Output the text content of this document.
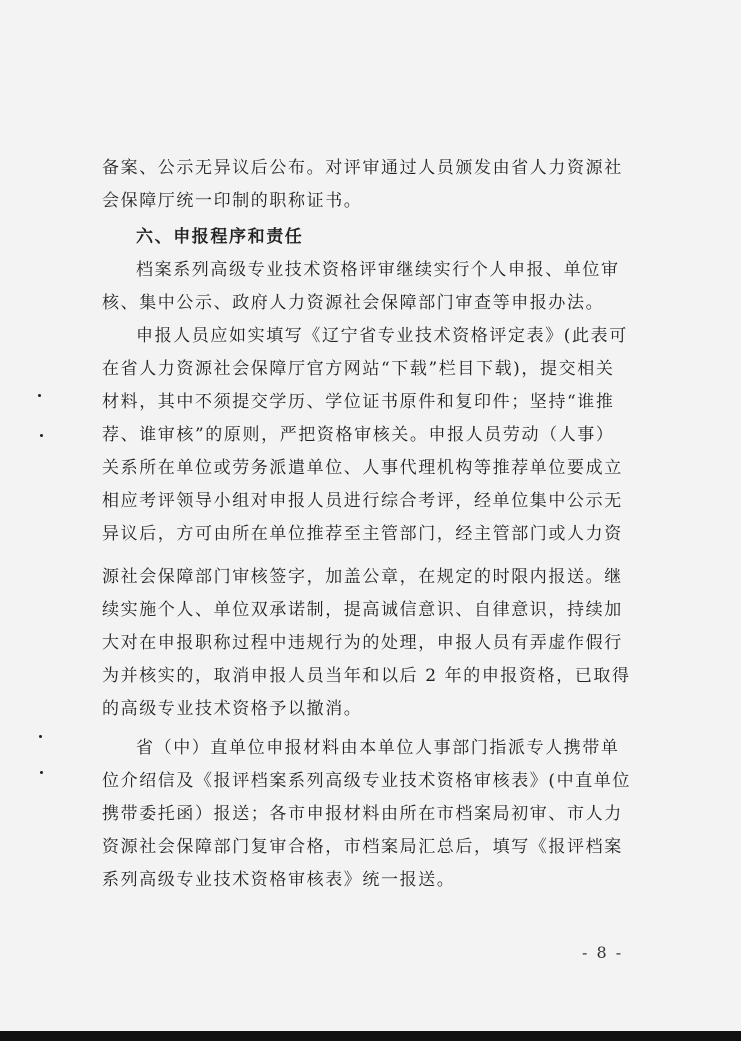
备案、公示无异议后公布。对评审通过人员颁发由省人力资源社

会保障厅统一印制的职称证书。

六、申报程序和责任

档案系列高级专业技术资格评审继续实行个人申报、单位审

核、集中公示、政府人力资源社会保障部门审查等申报办法。

申报人员应如实填写《辽宁省专业技术资格评定表》(此表可

在省人力资源社会保障厅官方网站“下载”栏目下载)，提交相关

材料，其中不须提交学历、学位证书原件和复印件；坚持“谁推

荐、谁审核”的原则，严把资格审核关。申报人员劳动（人事）

关系所在单位或劳务派遣单位、人事代理机构等推荐单位要成立

相应考评领导小组对申报人员进行综合考评，经单位集中公示无

异议后，方可由所在单位推荐至主管部门，经主管部门或人力资

源社会保障部门审核签字，加盖公章，在规定的时限内报送。继

续实施个人、单位双承诺制，提高诚信意识、自律意识，持续加

大对在申报职称过程中违规行为的处理，申报人员有弄虚作假行

为并核实的，取消申报人员当年和以后 2 年的申报资格，已取得

的高级专业技术资格予以撤消。

省（中）直单位申报材料由本单位人事部门指派专人携带单

位介绍信及《报评档案系列高级专业技术资格审核表》(中直单位

携带委托函）报送；各市申报材料由所在市档案局初审、市人力

资源社会保障部门复审合格，市档案局汇总后，填写《报评档案

系列高级专业技术资格审核表》统一报送。

- 8 -
